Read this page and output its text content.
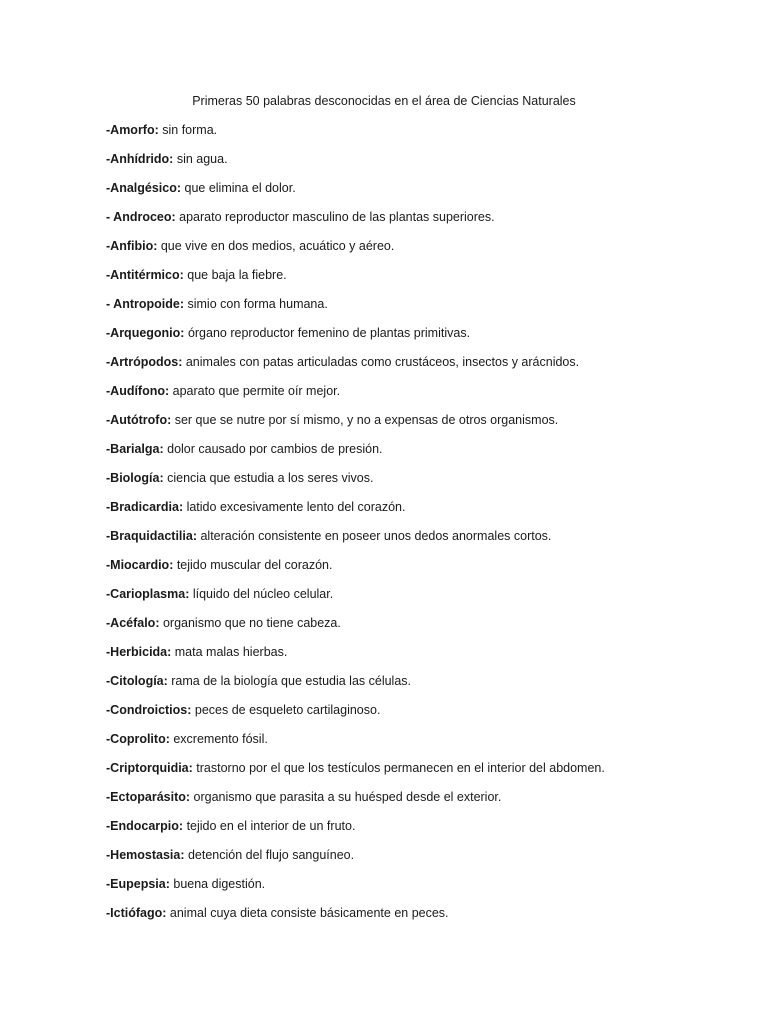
Primeras 50 palabras desconocidas en el área de Ciencias Naturales
-Amorfo: sin forma.
-Anhídrido: sin agua.
-Analgésico: que elimina el dolor.
- Androceo: aparato reproductor masculino de las plantas superiores.
-Anfibio: que vive en dos medios, acuático y aéreo.
-Antitérmico: que baja la fiebre.
- Antropoide: simio con forma humana.
-Arquegonio: órgano reproductor femenino de plantas primitivas.
-Artrópodos: animales con patas articuladas como crustáceos, insectos y arácnidos.
-Audífono: aparato que permite oír mejor.
-Autótrofo: ser que se nutre por sí mismo, y no a expensas de otros organismos.
-Barialga: dolor causado por cambios de presión.
-Biología: ciencia que estudia a los seres vivos.
-Bradicardia: latido excesivamente lento del corazón.
-Braquidactilia: alteración consistente en poseer unos dedos anormales cortos.
-Miocardio: tejido muscular del corazón.
-Carioplasma: líquido del núcleo celular.
-Acéfalo: organismo que no tiene cabeza.
-Herbicida: mata malas hierbas.
-Citología: rama de la biología que estudia las células.
-Condroictios: peces de esqueleto cartilaginoso.
-Coprolito: excremento fósil.
-Criptorquidia: trastorno por el que los testículos permanecen en el interior del abdomen.
-Ectoparásito: organismo que parasita a su huésped desde el exterior.
-Endocarpio: tejido en el interior de un fruto.
-Hemostasia: detención del flujo sanguíneo.
-Eupepsia: buena digestión.
-Ictiófago: animal cuya dieta consiste básicamente en peces.
